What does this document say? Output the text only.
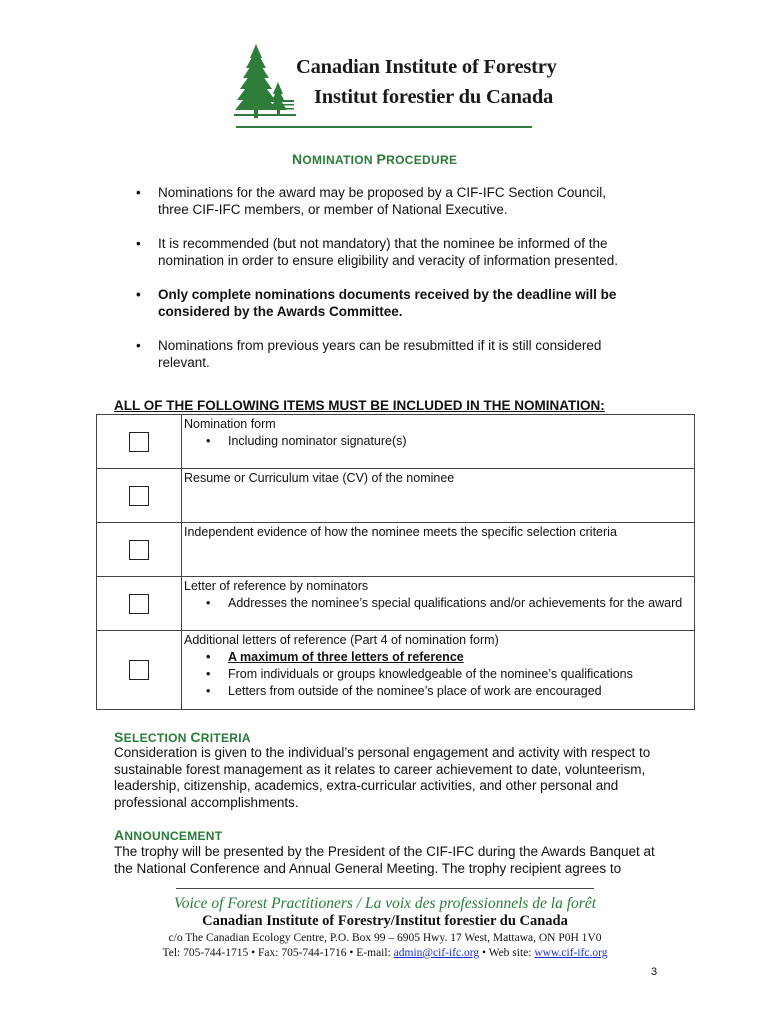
Canadian Institute of Forestry
Institut forestier du Canada
NOMINATION PROCEDURE
• Nominations for the award may be proposed by a CIF-IFC Section Council, three CIF-IFC members, or member of National Executive.
• It is recommended (but not mandatory) that the nominee be informed of the nomination in order to ensure eligibility and veracity of information presented.
• Only complete nominations documents received by the deadline will be considered by the Awards Committee.
• Nominations from previous years can be resubmitted if it is still considered relevant.
ALL OF THE FOLLOWING ITEMS MUST BE INCLUDED IN THE NOMINATION:
Nomination form
• Including nominator signature(s)
Resume or Curriculum vitae (CV) of the nominee
Independent evidence of how the nominee meets the specific selection criteria
Letter of reference by nominators
• Addresses the nominee’s special qualifications and/or achievements for the award
Additional letters of reference (Part 4 of nomination form)
• A maximum of three letters of reference
• From individuals or groups knowledgeable of the nominee’s qualifications
• Letters from outside of the nominee’s place of work are encouraged
SELECTION CRITERIA
Consideration is given to the individual’s personal engagement and activity with respect to sustainable forest management as it relates to career achievement to date, volunteerism, leadership, citizenship, academics, extra-curricular activities, and other personal and professional accomplishments.
ANNOUNCEMENT
The trophy will be presented by the President of the CIF-IFC during the Awards Banquet at the National Conference and Annual General Meeting. The trophy recipient agrees to
Voice of Forest Practitioners / La voix des professionnels de la forêt
Canadian Institute of Forestry/Institut forestier du Canada
c/o The Canadian Ecology Centre, P.O. Box 99 – 6905 Hwy. 17 West, Mattawa, ON P0H 1V0
Tel: 705-744-1715 • Fax: 705-744-1716 • E-mail: admin@cif-ifc.org • Web site: www.cif-ifc.org
3
